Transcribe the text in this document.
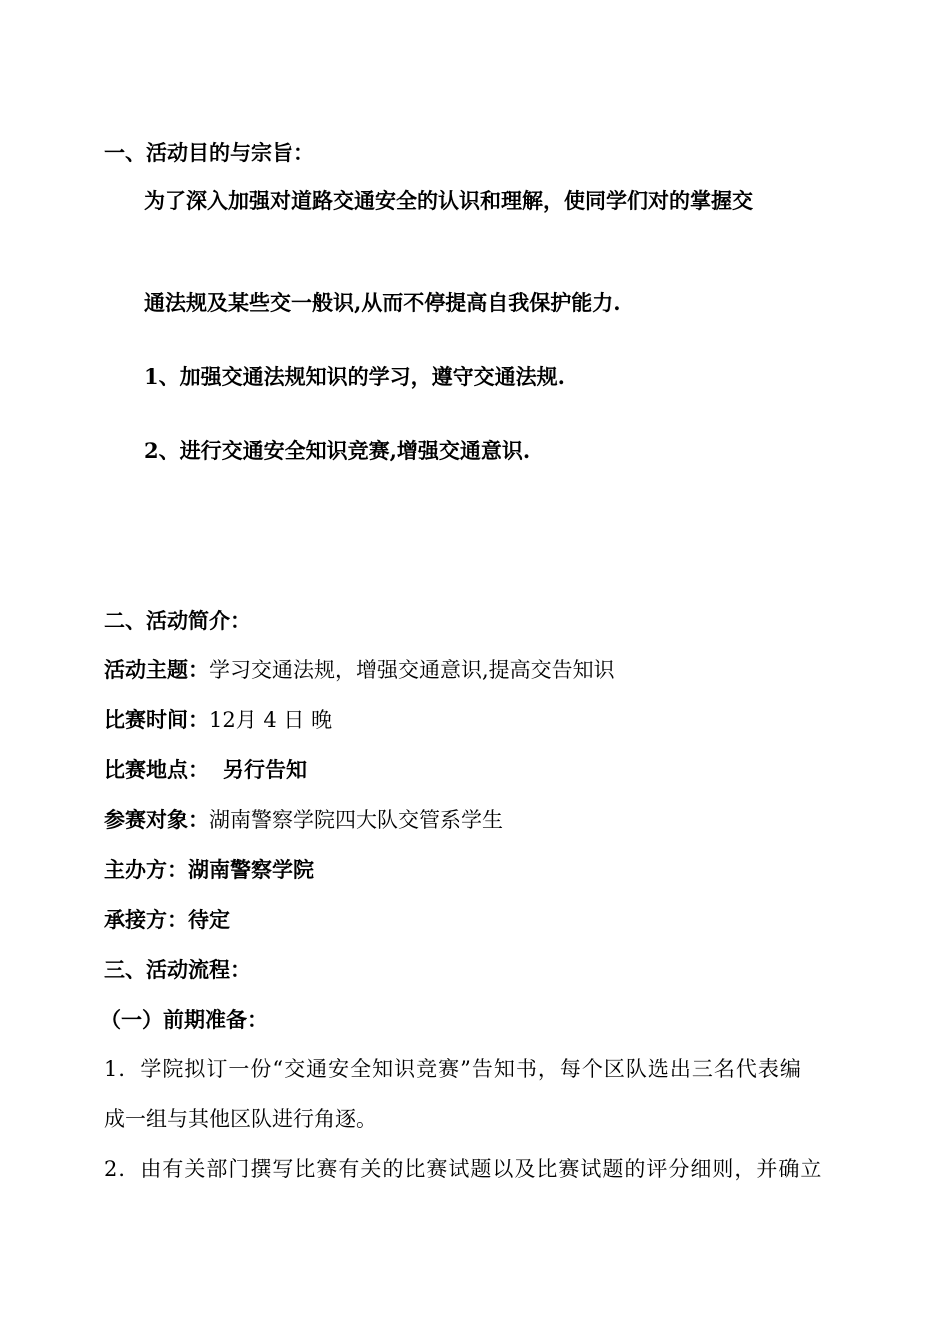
一、活动目的与宗旨：
为了深入加强对道路交通安全的认识和理解，使同学们对的掌握交
通法规及某些交一般识,从而不停提高自我保护能力.
1、加强交通法规知识的学习，遵守交通法规.
2、进行交通安全知识竞赛,增强交通意识.
二、活动简介：
活动主题：学习交通法规，增强交通意识,提高交告知识
比赛时间：12月 4 日 晚
比赛地点： 另行告知
参赛对象：湖南警察学院四大队交管系学生
主办方：湖南警察学院
承接方：待定
三、活动流程：
（一）前期准备：
1．学院拟订一份“交通安全知识竞赛”告知书，每个区队选出三名代表编
成一组与其他区队进行角逐。
2．由有关部门撰写比赛有关的比赛试题以及比赛试题的评分细则，并确立
